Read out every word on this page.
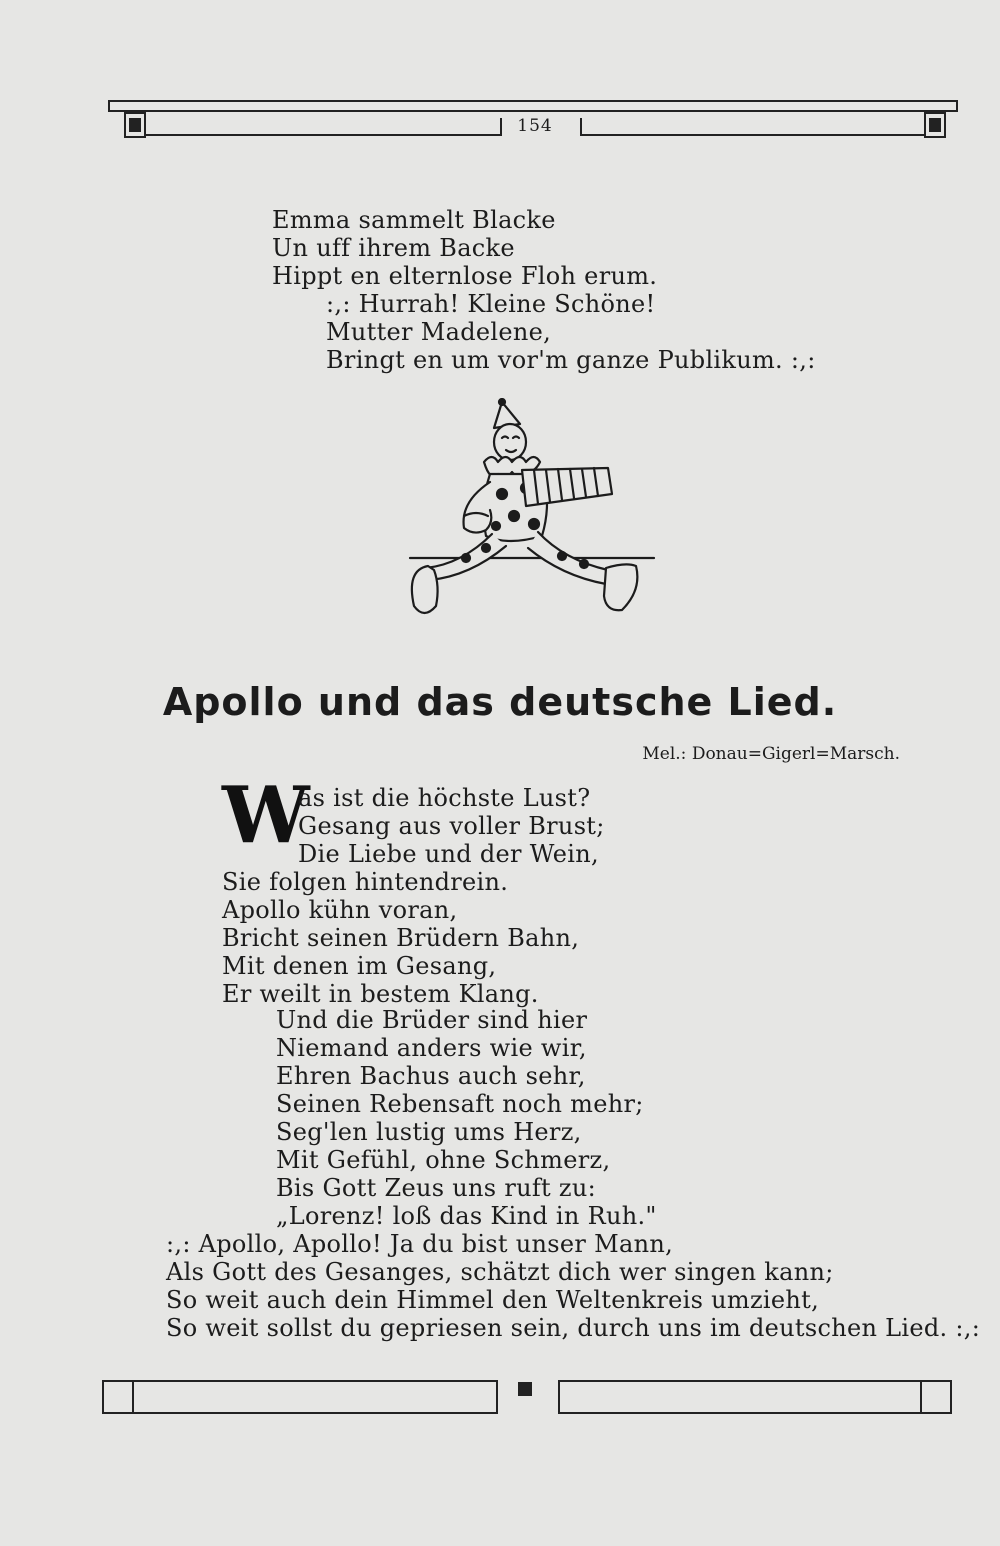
154
Emma sammelt Blacke
Un uff ihrem Backe
Hippt en elternlose Floh erum.
:,: Hurrah! Kleine Schöne!
Mutter Madelene,
Bringt en um vor'm ganze Publikum. :,:
Apollo und das deutsche Lied.
Mel.: Donau=Gigerl=Marsch.
W
as ist die höchste Lust?
Gesang aus voller Brust;
Die Liebe und der Wein,
Sie folgen hintendrein.
Apollo kühn voran,
Bricht seinen Brüdern Bahn,
Mit denen im Gesang,
Er weilt in bestem Klang.
Und die Brüder sind hier
Niemand anders wie wir,
Ehren Bachus auch sehr,
Seinen Rebensaft noch mehr;
Seg'len lustig ums Herz,
Mit Gefühl, ohne Schmerz,
Bis Gott Zeus uns ruft zu:
„Lorenz! loß das Kind in Ruh."
:,: Apollo, Apollo! Ja du bist unser Mann,
Als Gott des Gesanges, schätzt dich wer singen kann;
So weit auch dein Himmel den Weltenkreis umzieht,
So weit sollst du gepriesen sein, durch uns im deutschen Lied. :,:
